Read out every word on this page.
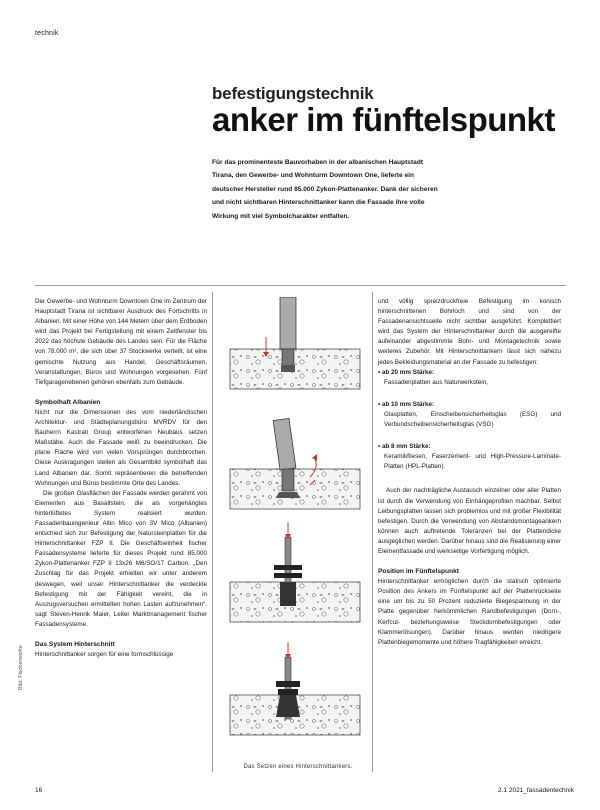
technik
befestigungstechnik
anker im fünftelspunkt
Für das prominenteste Bauvorhaben in der albanischen Hauptstadt Tirana, den Gewerbe- und Wohnturm Downtown One, lieferte ein deutscher Hersteller rund 85.000 Zykon-Plattenanker. Dank der sicheren und nicht sichtbaren Hinterschnittanker kann die Fassade ihre volle Wirkung mit viel Symbolcharakter entfalten.

Der Gewerbe- und Wohnturm Downtown One im Zentrum der Hauptstadt Tirana ist sichtbarer Ausdruck des Fortschritts in Albanien. Mit einer Höhe von 144 Metern über dem Erdboden wird das Projekt bei Fertigstellung mit einem Zeitfenster bis 2022 das höchste Gebäude des Landes sein. Für die Fläche von 78.000 m², die sich über 37 Stockwerke verteilt, ist eine gemischte Nutzung aus Handel, Geschäftsräumen, Veranstaltungen, Büros und Wohnungen vorgesehen. Fünf Tiefgaragenebenen gehören ebenfalls zum Gebäude.

Symbolhaft Albanien

Nicht nur die Dimensionen des vom niederländischen Architektur- und Städteplanungsbüro MVRDV für den Bauherrn Kastrati Group entworfenen Neubaus setzen Maßstäbe. Auch die Fassade weiß zu beeindrucken. Die plane Fläche wird von vielen Vorsprüngen durchbrochen. Diese Auskragungen stellen als Gesamtbild symbolhaft das Land Albanien dar. Somit repräsentieren die betreffenden Wohnungen und Büros bestimmte Orte des Landes.

Die großen Glasflächen der Fassade werden gerahmt von Elementen aus Basaltstein, die als vorgehängtes hinterlüftetes System realisiert wurden. Fassadenbauingenieur Altin Mico von 3V Mico (Albanien) entschied sich zur Befestigung der Natursteinplatten für die Hinterschnittanker FZP II. Die Geschäftseinheit fischer Fassadensysteme lieferte für dieses Projekt rund 85.000 Zykon-Plattenanker FZP II 13x26 M6/SO/17 Carbon. „Den Zuschlag für das Projekt erhielten wir unter anderem deswegen, weil unser Hinterschnittanker die verdeckte Befestigung mit der Fähigkeit vereint, die in Auszugsversuchen ermittelten hohen Lasten aufzunehmen“, sagt Steven-Henrik Maier, Leiter Marktmanagement fischer Fassadensysteme.

Das System Hinterschnitt

Hinterschnittanker sorgen für eine formschlüssige

und völlig spreizdruckfreie Befestigung im konisch hinterschnittenen Bohrloch und sind von der Fassadenansichtsseite nicht sichtbar ausgeführt. Komplettiert wird das System der Hinterschnittanker durch die ausgereifte aufeinander abgestimmte Bohr- und Montagetechnik sowie weiteres Zubehör. Mit Hinterschnittankern lässt sich nahezu jedes Bekleidungsmaterial an der Fassade zu befestigen:

• ab 20 mm Stärke:

Fassadenplatten aus Naturwerkstein,

• ab 10 mm Stärke:

Glasplatten, Einscheibensicherheitsglas (ESG) und Verbundscheibensicherheitsglas (VSG)

• ab 8 mm Stärke:

Keramikfliesen, Faserzement- und High-Pressure-Laminate-Platten (HPL-Platten).

Auch der nachträgliche Austausch einzelner oder aller Platten ist durch die Verwendung von Einhängeprofilen machbar. Selbst Leibungsplatten lassen sich problemlos und mit großer Flexibilität befestigen. Durch die Verwendung von Abstandsmontageankern können auch auftretende Toleranzen bei der Plattendicke ausgeglichen werden. Darüber hinaus sind die Realisierung einer Elementfassade und werkseitige Vorfertigung möglich.

Position im Fünftelspunkt

Hinterschnittanker ermöglichen durch die statisch optimierte Position des Ankers im Fünftelspunkt auf der Plattenrückseite eine um bis zu 50 Prozent reduzierte Biegespannung in der Platte gegenüber herkömmlichen Randbefestigungen (Dorn-, Kerfcut- beziehungsweise Steckdornbefestigungen oder Klammerlösungen). Darüber hinaus werden niedrigere Plattenbiegemomente und höhere Tragfähigkeiten erreicht.

Das Setzen eines Hinterschnittankers.
Bild: Fischerwerke
16	2.1 2021_fassadentechnik
